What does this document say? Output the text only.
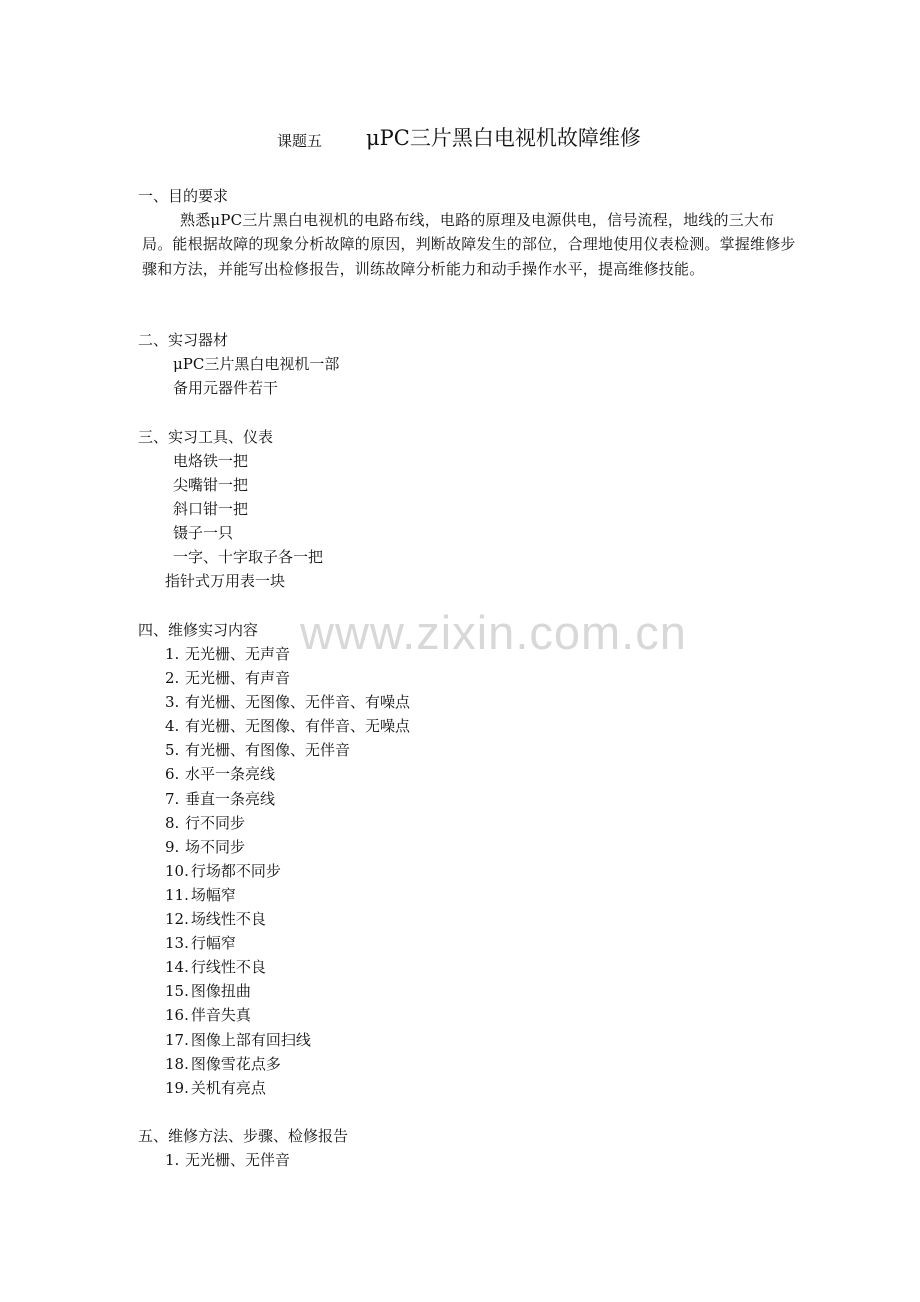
课题五 μPC三片黑白电视机故障维修
一、目的要求
熟悉μPC三片黑白电视机的电路布线，电路的原理及电源供电，信号流程，地线的三大布局。能根据故障的现象分析故障的原因，判断故障发生的部位，合理地使用仪表检测。掌握维修步骤和方法，并能写出检修报告，训练故障分析能力和动手操作水平，提高维修技能。
二、实习器材
μPC三片黑白电视机一部
备用元器件若干
三、实习工具、仪表
电烙铁一把
尖嘴钳一把
斜口钳一把
镊子一只
一字、十字取子各一把
指针式万用表一块
四、维修实习内容
1. 无光栅、无声音
2. 无光栅、有声音
3. 有光栅、无图像、无伴音、有噪点
4. 有光栅、无图像、有伴音、无噪点
5. 有光栅、有图像、无伴音
6. 水平一条亮线
7. 垂直一条亮线
8. 行不同步
9. 场不同步
10. 行场都不同步
11. 场幅窄
12. 场线性不良
13. 行幅窄
14. 行线性不良
15. 图像扭曲
16. 伴音失真
17. 图像上部有回扫线
18. 图像雪花点多
19. 关机有亮点
五、维修方法、步骤、检修报告
1. 无光栅、无伴音
www.zixin.com.cn
